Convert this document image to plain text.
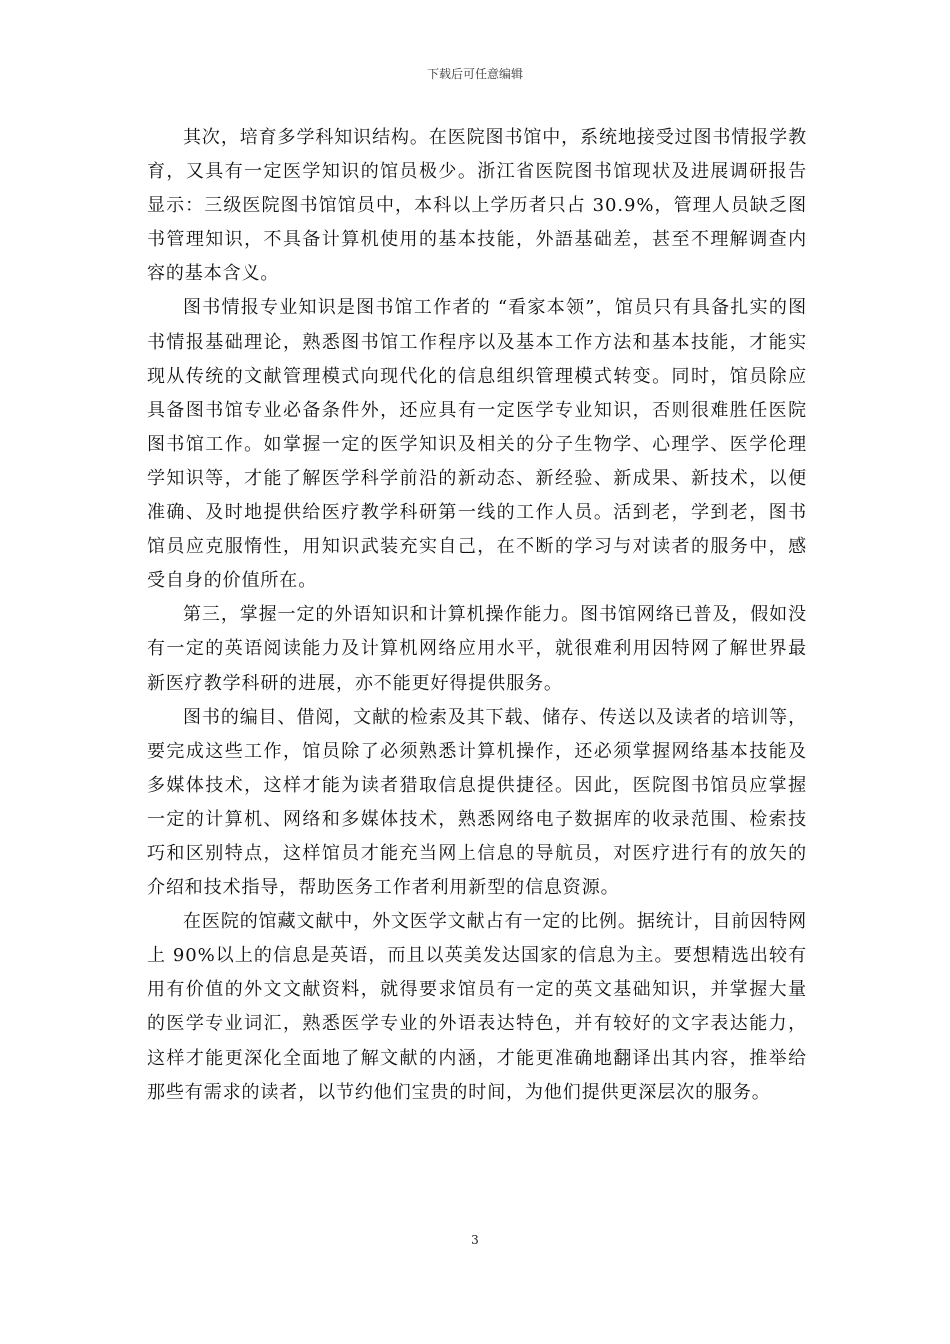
下载后可任意编辑

其次，培育多学科知识结构。在医院图书馆中，系统地接受过图书情报学教育，又具有一定医学知识的馆员极少。浙江省医院图书馆现状及进展调研报告显示：三级医院图书馆馆员中，本科以上学历者只占 30.9%，管理人员缺乏图书管理知识，不具备计算机使用的基本技能，外語基础差，甚至不理解调查内容的基本含义。

图书情报专业知识是图书馆工作者的 “看家本领”，馆员只有具备扎实的图书情报基础理论，熟悉图书馆工作程序以及基本工作方法和基本技能，才能实现从传统的文献管理模式向现代化的信息组织管理模式转变。同时，馆员除应具备图书馆专业必备条件外，还应具有一定医学专业知识，否则很难胜任医院图书馆工作。如掌握一定的医学知识及相关的分子生物学、心理学、医学伦理学知识等，才能了解医学科学前沿的新动态、新经验、新成果、新技术，以便准确、及时地提供给医疗教学科研第一线的工作人员。活到老，学到老，图书馆员应克服惰性，用知识武装充实自己，在不断的学习与对读者的服务中，感受自身的价值所在。

第三，掌握一定的外语知识和计算机操作能力。图书馆网络已普及，假如没有一定的英语阅读能力及计算机网络应用水平，就很难利用因特网了解世界最新医疗教学科研的进展，亦不能更好得提供服务。

图书的编目、借阅，文献的检索及其下载、储存、传送以及读者的培训等，要完成这些工作，馆员除了必须熟悉计算机操作，还必须掌握网络基本技能及多媒体技术，这样才能为读者猎取信息提供捷径。因此，医院图书馆员应掌握一定的计算机、网络和多媒体技术，熟悉网络电子数据库的收录范围、检索技巧和区别特点，这样馆员才能充当网上信息的导航员，对医疗进行有的放矢的介绍和技术指导，帮助医务工作者利用新型的信息资源。

在医院的馆藏文献中，外文医学文献占有一定的比例。据统计，目前因特网上 90%以上的信息是英语，而且以英美发达国家的信息为主。要想精选出较有用有价值的外文文献资料，就得要求馆员有一定的英文基础知识，并掌握大量的医学专业词汇，熟悉医学专业的外语表达特色，并有较好的文字表达能力，这样才能更深化全面地了解文献的内涵，才能更准确地翻译出其内容，推举给那些有需求的读者，以节约他们宝贵的时间，为他们提供更深层次的服务。

3
